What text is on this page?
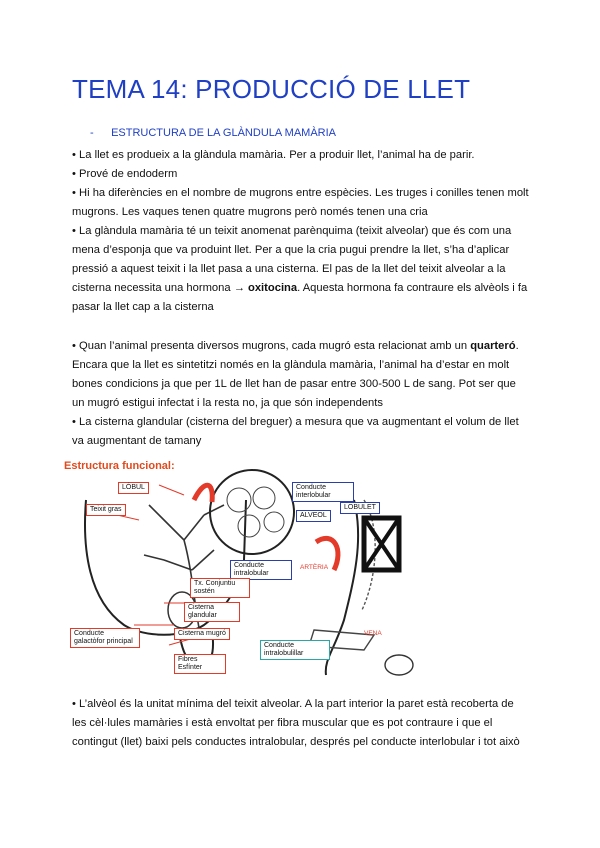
TEMA 14: PRODUCCIÓ DE LLET
- ESTRUCTURA DE LA GLÀNDULA MAMÀRIA
• La llet es produeix a la glàndula mamària. Per a produir llet, l’animal ha de parir.
• Prové de endoderm
• Hi ha diferències en el nombre de mugrons entre espècies. Les truges i conilles tenen molt
mugrons. Les vaques tenen quatre mugrons però només tenen una cria
• La glàndula mamària té un teixit anomenat parènquima (teixit alveolar) que és com una
mena d’esponja que va produint llet. Per a que la cria pugui prendre la llet, s’ha d’aplicar
pressió a aquest teixit i la llet pasa a una cisterna. El pas de la llet del teixit alveolar a la
cisterna necessita una hormona → oxitocina. Aquesta hormona fa contraure els alvèols i fa
pasar la llet cap a la cisterna
• Quan l’animal presenta diversos mugrons, cada mugró esta relacionat amb un quarteró.
Encara que la llet es sintetitzi només en la glàndula mamària, l’animal ha d’estar en molt
bones condicions ja que per 1L de llet han de pasar entre 300-500 L de sang. Pot ser que
un mugró estigui infectat i la resta no, ja que són independents
• La cisterna glandular (cisterna del breguer) a mesura que va augmentant el volum de llet
va augmentant de tamany
Estructura funcional:
LÓBUL
Teixit gras
Conducte interlobular
ALVEOL
LOBULET
Conducte intralobular
Tx. Conjuntiu sostén
ARTÈRIA
Cisterna glandular
Conducte galactòfor principal
Cisterna mugró
Fibres Esfínter
VENA
Conducte intralobulillar
• L’alvèol és la unitat mínima del teixit alveolar. A la part interior la paret està recoberta de
les cèl·lules mamàries i està envoltat per fibra muscular que es pot contraure i que el
contingut (llet) baixi pels conductes intralobular, després pel conducte interlobular i tot això
